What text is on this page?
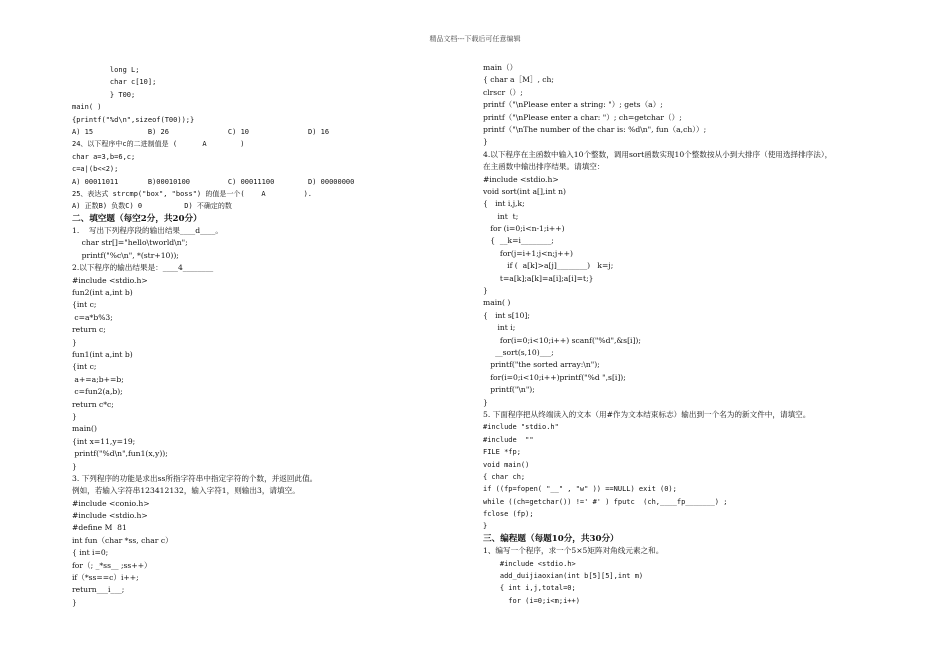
精品文档---下载后可任意编辑
long L;
char c[10];
} T00;
main( )
{printf("%d\n",sizeof(T00));}
A) 15             B) 26              C) 10              D) 16
24、以下程序中c的二进制值是 (      A        )
char a=3,b=6,c;
c=a|(b<<2);
A) 00011011       B)00010100         C) 00011100        D) 00000000
25、表达式 strcmp("box", "boss") 的值是一个(    A         ).
A) 正数B) 负数C) 0          D) 不确定的数
二、填空题（每空2分，共20分）
1.    写出下列程序段的输出结果____d____。
char str[]="hello\tworld\n";
printf("%c\n", *(str+10));
2.以下程序的输出结果是：____4________
#include <stdio.h>
fun2(int a,int b)
{int c;
c=a*b%3;
return c;
}
fun1(int a,int b)
{int c;
a+=a;b+=b;
c=fun2(a,b);
return c*c;
}
main()
{int x=11,y=19;
printf("%d\n",fun1(x,y));
}
3. 下列程序的功能是求出ss所指字符串中指定字符的个数，并返回此值。
例如，若输入字符串123412132，输入字符1，则输出3，请填空。
#include <conio.h>
#include <stdio.h>
#define M  81
int fun（char *ss, char c）
{ int i=0;
for（; _*ss__ ;ss++）
if（*ss==c）i++;
return___i___;
}
main（）
{ char a［M］, ch;
clrscr（）;
printf（"\nPlease enter a string: "）; gets（a）;
printf（"\nPlease enter a char: "）; ch=getchar（）;
printf（"\nThe number of the char is: %d\n", fun（a,ch））;
}
4.以下程序在主函数中输入10个整数，调用sort函数实现10个整数按从小到大排序（使用选择排序法），
在主函数中输出排序结果。请填空：
#include <stdio.h>
void sort(int a[],int n)
{   int i,j,k;
int  t;
for (i=0;i<n-1;i++)
{  __k=i________;
for(j=i+1;j<n;j++)
if (  a[k]>a[j]________)   k=j;
t=a[k];a[k]=a[i];a[i]=t;}
}
main( )
{   int s[10];
int i;
for(i=0;i<10;i++) scanf("%d",&s[i]);
__sort(s,10)___;
printf("the sorted array:\n");
for(i=0;i<10;i++)printf("%d ",s[i]);
printf("\n");
}
5. 下面程序把从终端读入的文本（用#作为文本结束标志）输出到一个名为的新文件中，请填空。
#include "stdio.h"
#include  ""
FILE *fp;
void main()
{ char ch;
if ((fp=fopen( "__" , "w" )) ==NULL) exit (0);
while ((ch=getchar()) !=' #' ) fputc  (ch,____fp_______) ;
fclose (fp);
}
三、编程题（每题10分，共30分）
1、编写一个程序，求一个5×5矩阵对角线元素之和。
#include <stdio.h>
add_duijiaoxian(int b[5][5],int m)
{ int i,j,total=0;
for (i=0;i<m;i++)
